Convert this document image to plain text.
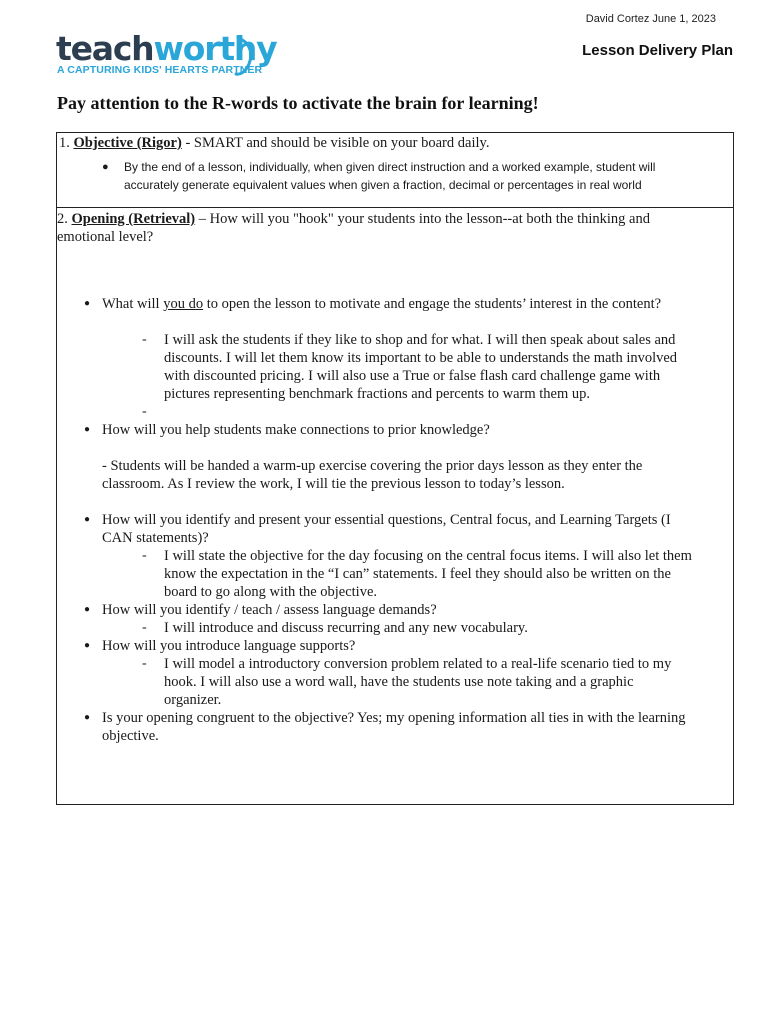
teachworthy
A CAPTURING KIDS' HEARTS PARTNER
David Cortez June 1, 2023
Lesson Delivery Plan
Pay attention to the R-words to activate the brain for learning!

1. Objective (Rigor) - SMART and should be visible on your board daily.

● By the end of a lesson, individually, when given direct instruction and a worked example, student will

accurately generate equivalent values when given a fraction, decimal or percentages in real world

2. Opening (Retrieval) – How will you "hook" your students into the lesson--at both the thinking and

emotional level?

● What will you do to open the lesson to motivate and engage the students’ interest in the content?

- I will ask the students if they like to shop and for what. I will then speak about sales and

discounts. I will let them know its important to be able to understands the math involved

with discounted pricing. I will also use a True or false flash card challenge game with

pictures representing benchmark fractions and percents to warm them up.

-
● How will you help students make connections to prior knowledge?

- Students will be handed a warm-up exercise covering the prior days lesson as they enter the

classroom. As I review the work, I will tie the previous lesson to today’s lesson.

● How will you identify and present your essential questions, Central focus, and Learning Targets (I

CAN statements)?

- I will state the objective for the day focusing on the central focus items. I will also let them

know the expectation in the “I can” statements. I feel they should also be written on the

board to go along with the objective.

● How will you identify / teach / assess language demands?

- I will introduce and discuss recurring and any new vocabulary.

● How will you introduce language supports?

- I will model a introductory conversion problem related to a real-life scenario tied to my

hook. I will also use a word wall, have the students use note taking and a graphic

organizer.

● Is your opening congruent to the objective? Yes; my opening information all ties in with the learning

objective.
